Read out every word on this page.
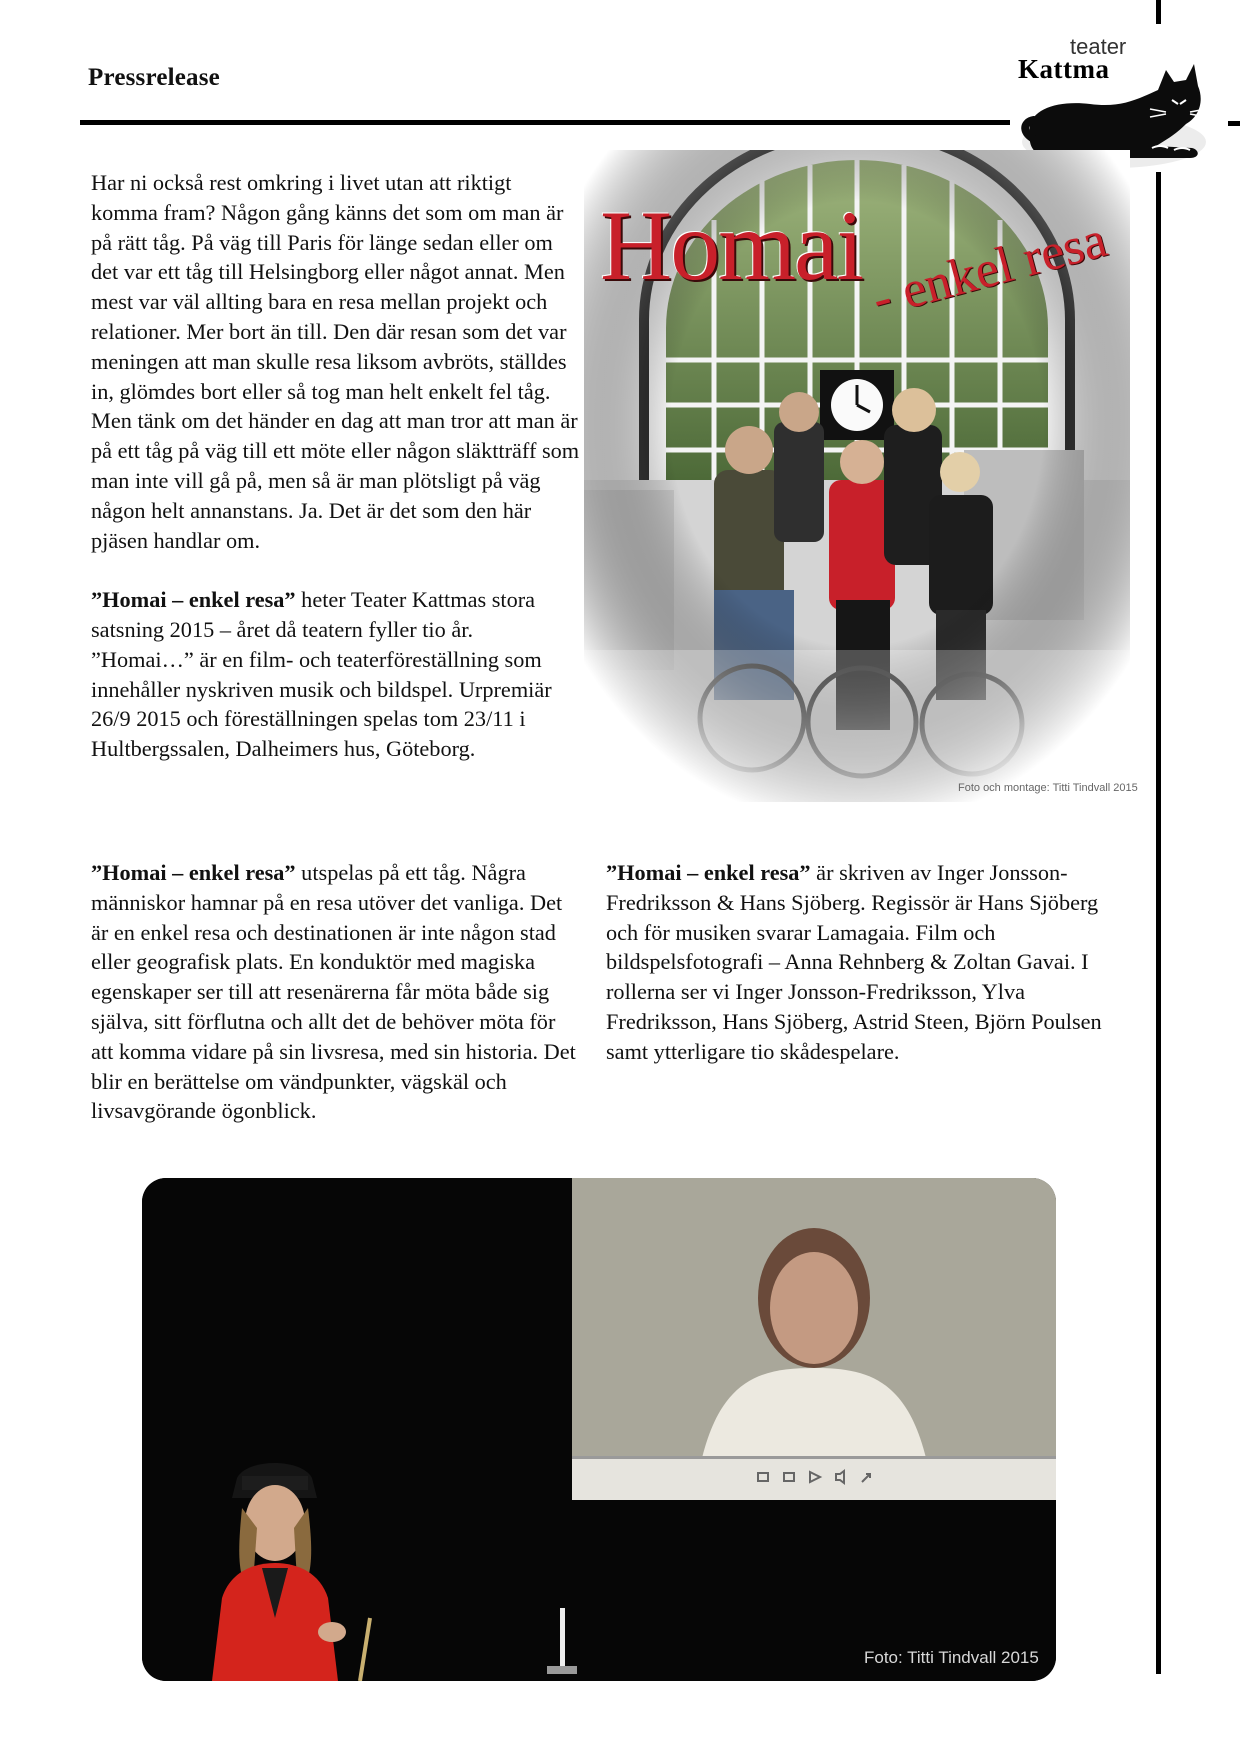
Pressrelease
teater
Kattma

Har ni också rest omkring i livet utan att riktigt komma fram? Någon gång känns det som om man är på rätt tåg. På väg till Paris för länge sedan eller om det var ett tåg till Helsingborg eller något annat. Men mest var väl allting bara en resa mellan projekt och relationer. Mer bort än till. Den där resan som det var meningen att man skulle resa liksom avbröts, ställdes in, glömdes bort eller så tog man helt enkelt fel tåg. Men tänk om det händer en dag att man tror att man är på ett tåg på väg till ett möte eller någon släktträff som man inte vill gå på, men så är man plötsligt på väg någon helt annanstans. Ja. Det är det som den här pjäsen handlar om.

”Homai – enkel resa” heter Teater Kattmas stora satsning 2015 – året då teatern fyller tio år. ”Homai…” är en film- och teaterföreställning som innehåller nyskriven musik och bildspel. Urpremiär 26/9 2015 och föreställningen spelas tom 23/11 i Hultbergssalen, Dalheimers hus, Göteborg.

”Homai – enkel resa” utspelas på ett tåg. Några människor hamnar på en resa utöver det vanliga. Det är en enkel resa och destinationen är inte någon stad eller geografisk plats. En konduktör med magiska egenskaper ser till att resenärerna får möta både sig själva, sitt förflutna och allt det de behöver möta för att komma vidare på sin livsresa, med sin historia. Det blir en berättelse om vändpunkter, vägskäl och livsavgörande ögonblick.

”Homai – enkel resa” är skriven av Inger Jonsson-Fredriksson & Hans Sjöberg. Regissör är Hans Sjöberg och för musiken svarar Lamagaia. Film och bildspelsfotografi – Anna Rehnberg & Zoltan Gavai. I rollerna ser vi Inger Jonsson-Fredriksson, Ylva Fredriksson, Hans Sjöberg, Astrid Steen, Björn Poulsen samt ytterligare tio skådespelare.

Homai - enkel resa
Foto och montage: Titti Tindvall 2015
Foto: Titti Tindvall 2015
